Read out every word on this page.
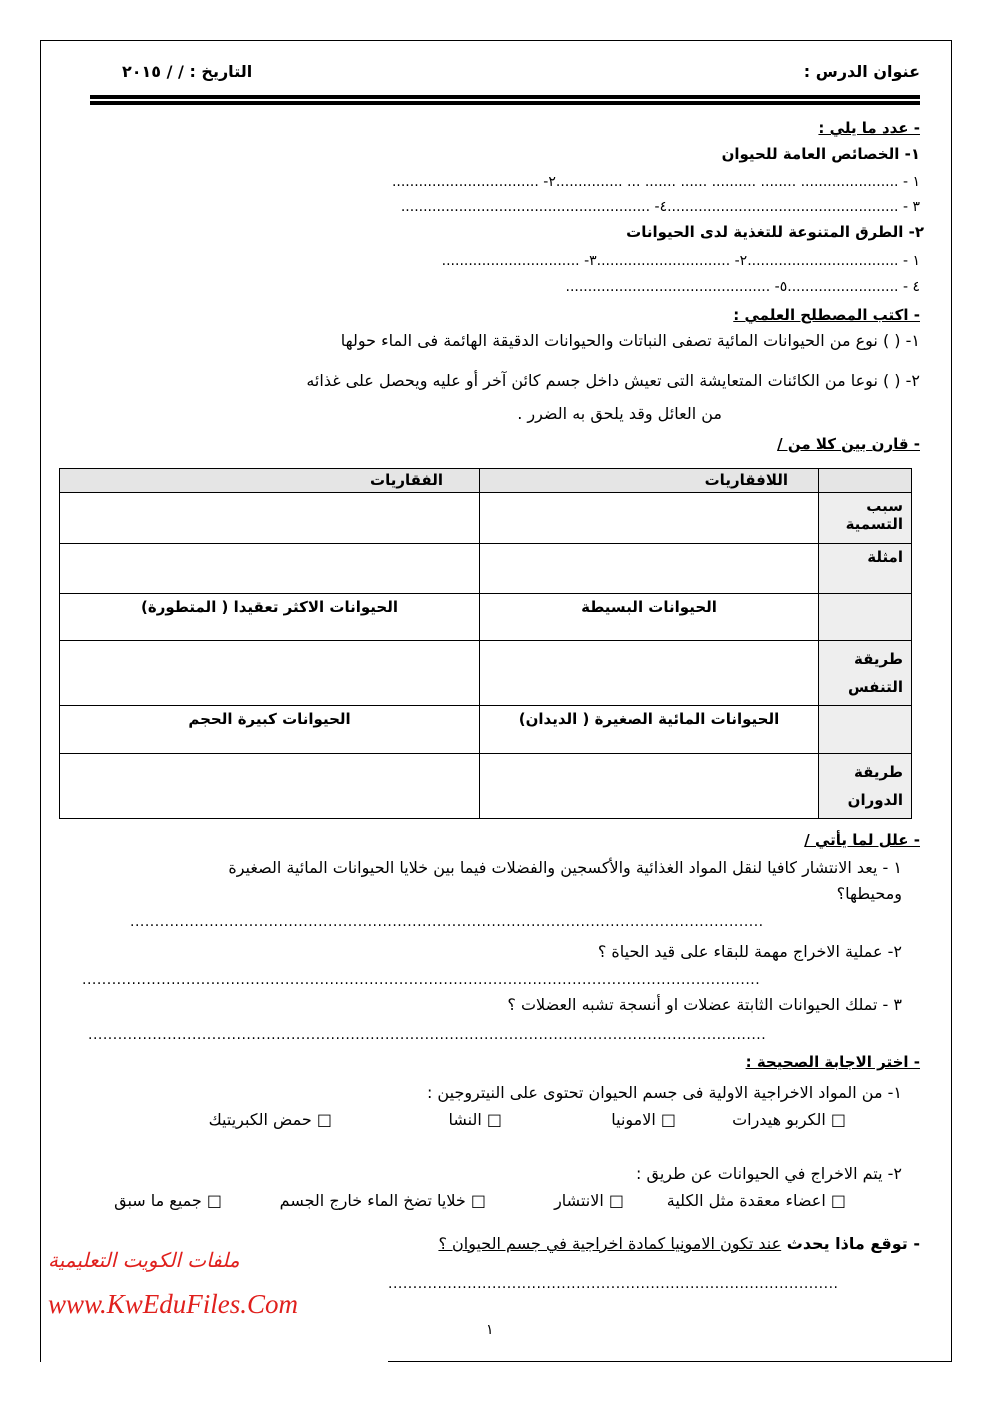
عنوان الدرس :
التاريخ : / / ٢٠١٥
- عدد ما يلي :
١- الخصائص العامة للحيوان
١ - ...................... ........ .......... ...... ....... ... ...............٢- .................................
٣ - ....................................................٤- ........................................................
٢- الطرق المتنوعة للتغذية لدى الحيوانات
١ - ..................................٢- ..............................٣- ...............................
٤ - .........................٥- ..............................................
- اكتب المصطلح العلمي :
١- ( ) نوع من الحيوانات المائية تصفى النباتات والحيوانات الدقيقة الهائمة فى الماء حولها
٢- ( ) نوعا من الكائنات المتعايشة التى تعيش داخل جسم كائن آخر أو عليه ويحصل على غذائه
من العائل وقد يلحق به الضرر .
- قارن بين كلا من /
	اللافقاريات	الفقاريات
سبب التسمية		
امثلة		
	الحيوانات البسيطة	الحيوانات الاكثر تعقيدا ( المتطورة)
طريقة التنفس		
	الحيوانات المائية الصغيرة ( الديدان)	الحيوانات كبيرة الحجم
طريقة الدوران		
- علل لما يأتي /
١ - يعد الانتشار كافيا لنقل المواد الغذائية والأكسجين والفضلات فيما بين خلايا الحيوانات المائية الصغيرة
ومحيطها؟
................................................................................................................................
٢- عملية الاخراج مهمة للبقاء على قيد الحياة ؟
.........................................................................................................................................
٣ - تملك الحيوانات الثابتة عضلات او أنسجة تشبه العضلات ؟
.........................................................................................................................................
- اختر الاجابة الصحيحة :
١- من المواد الاخراجية الاولية فى جسم الحيوان تحتوى على النيتروجين :
□ الكربو هيدرات
□ الامونيا
□ النشا
□ حمض الكبريتيك
٢- يتم الاخراج في الحيوانات عن طريق :
□ اعضاء معقدة مثل الكلية
□ الانتشار
□ خلايا تضخ الماء خارج الجسم
□ جميع ما سبق
- توقع ماذا يحدث عند تكون الامونيا كمادة اخراجية في جسم الحيوان ؟
...........................................................................................
ملفات الكويت التعليمية
www.KwEduFiles.Com
١
